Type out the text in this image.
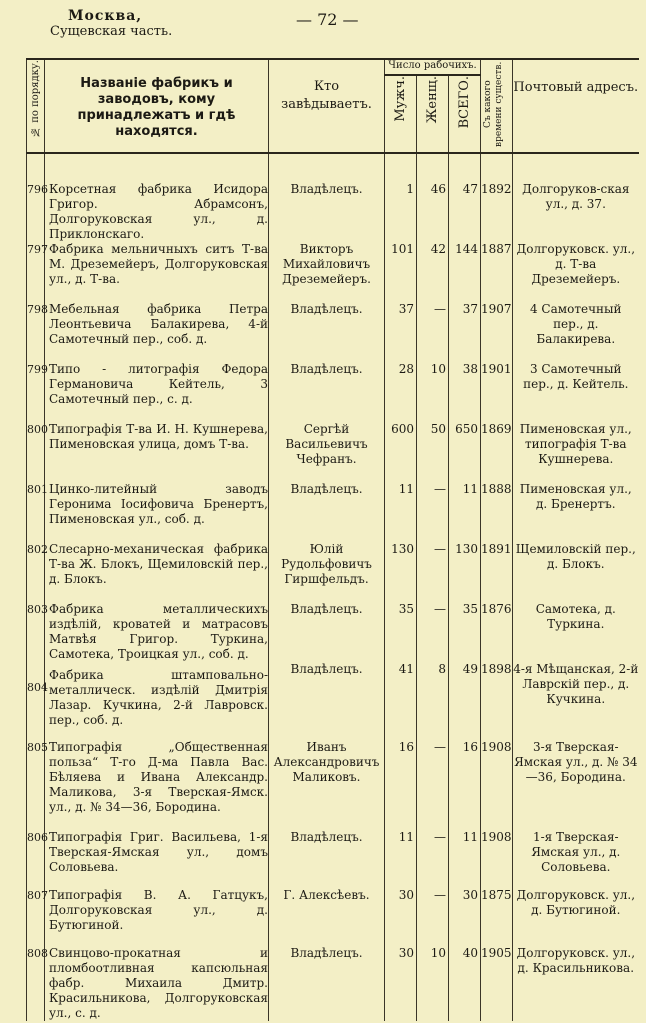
Москва,
Сущевская часть.
— 72 —
№ по порядку.	Названіе фабрикъ и заводовъ, кому принадлежатъ и гдѣ находятся.	Кто завѣдываетъ.	Число рабочихъ.			Съ какого времени существ.	Почтовый адресъ.

			Мужч.	Женщ.	ВСЕГО.		

796	Корсетная фабрика Исидора Григор. Абрамсонъ, Долгоруковская ул., д. Приклонскаго.	Владѣлецъ.	1	46	47	1892	Долгоруков-ская ул., д. 37.
797	Фабрика мельничныхъ ситъ Т-ва М. Дреземейеръ, Долгоруковская ул., д. Т-ва.	Викторъ Михайловичъ Дреземейеръ.	101	42	144	1887	Долгоруковск. ул., д. Т-ва Дреземейеръ.
798	Мебельная фабрика Петра Леонтьевича Балакирева, 4-й Самотечный пер., соб. д.	Владѣлецъ.	37	—	37	1907	4 Самотечный пер., д. Балакирева.
799	Типо - литографія Федора Германовича Кейтель, 3 Самотечный пер., с. д.	Владѣлецъ.	28	10	38	1901	3 Самотечный пер., д. Кейтель.
800	Типографія Т-ва И. Н. Кушнерева, Пименовская улица, домъ Т-ва.	Сергѣй Васильевичъ Чефранъ.	600	50	650	1869	Пименовская ул., типографія Т-ва Кушнерева.
801	Цинко-литейный заводъ Геронима Іосифовича Бренертъ, Пименовская ул., соб. д.	Владѣлецъ.	11	—	11	1888	Пименовская ул., д. Бренертъ.
802	Слесарно-механическая фабрика Т-ва Ж. Блокъ, Щемиловскій пер., д. Блокъ.	Юлій Рудольфовичъ Гиршфельдъ.	130	—	130	1891	Щемиловскій пер., д. Блокъ.
803	Фабрика металлическихъ издѣлій, кроватей и матрасовъ Матвѣя Григор. Туркина, Самотека, Троицкая ул., соб. д.	Владѣлецъ.	35	—	35	1876	Самотека, д. Туркина.
804	Фабрика штамповально-металлическ. издѣлій Дмитрія Лазар. Кучкина, 2-й Лавровск. пер., соб. д.	Владѣлецъ.	41	8	49	1898	4-я Мѣщанская, 2-й Лаврскій пер., д. Кучкина.
805	Типографія „Общественная польза“ Т-го Д-ма Павла Вас. Бѣляева и Ивана Александр. Маликова, 3-я Тверская-Ямск. ул., д. № 34—36, Бородина.	Иванъ Александровичъ Маликовъ.	16	—	16	1908	3-я Тверская-Ямская ул., д. № 34—36, Бородина.
806	Типографія Григ. Васильева, 1-я Тверская-Ямская ул., домъ Соловьева.	Владѣлецъ.	11	—	11	1908	1-я Тверская-Ямская ул., д. Соловьева.
807	Типографія В. А. Гатцукъ, Долгоруковская ул., д. Бутюгиной.	Г. Алексѣевъ.	30	—	30	1875	Долгоруковск. ул., д. Бутюгиной.
808	Свинцово-прокатная и пломбоотливная капсюльная фабр. Михаила Дмитр. Красильникова, Долгоруковская ул., с. д.	Владѣлецъ.	30	10	40	1905	Долгоруковск. ул., д. Красильникова.
